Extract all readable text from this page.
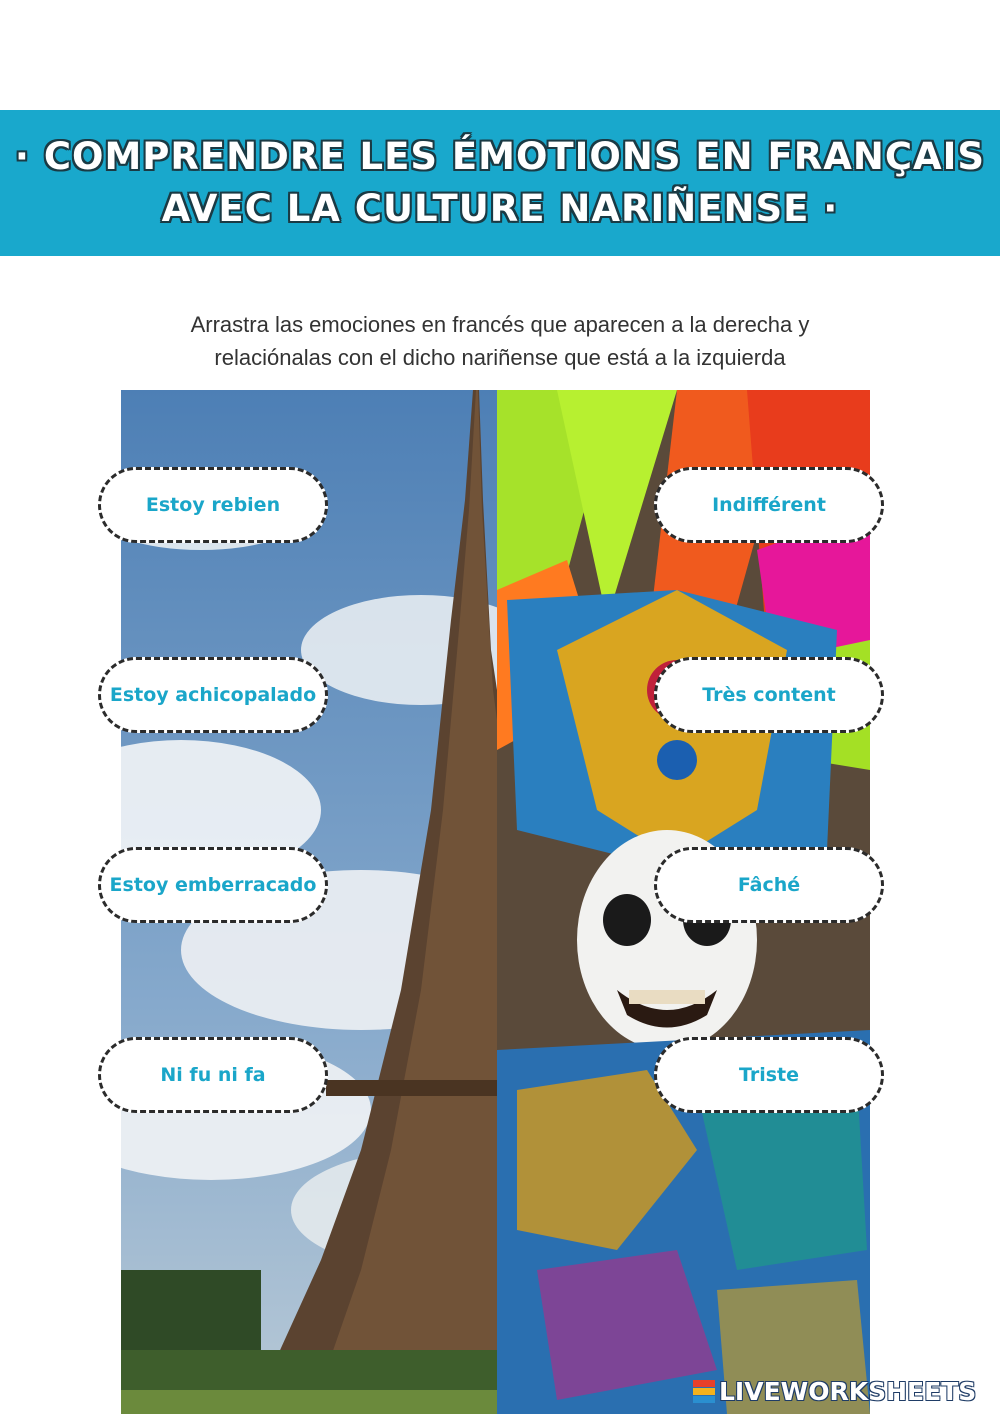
· COMPRENDRE LES ÉMOTIONS EN FRANÇAIS
AVEC LA CULTURE NARIÑENSE ·
Arrastra las emociones en francés que aparecen a la derecha y
relaciónalas con el dicho nariñense que está a la izquierda
Estoy rebien
Estoy achicopalado
Estoy emberracado
Ni fu ni fa
Indifférent
Très content
Fâché
Triste
LIVEWORKSHEETS
